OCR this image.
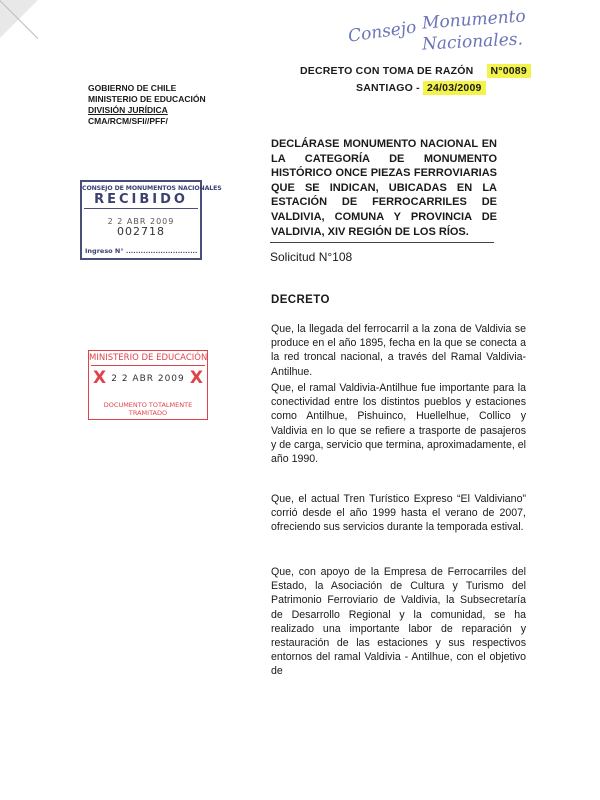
Consejo Monumento
Nacionales.
DECRETO CON TOMA DE RAZÓN N°0089
SANTIAGO - 24/03/2009
GOBIERNO DE CHILE
MINISTERIO DE EDUCACIÓN
DIVISIÓN JURÍDICA
CMA/RCM/SFI//PFF/
CONSEJO DE MONUMENTOS NACIONALES
RECIBIDO
2 2 ABR 2009
002718
Ingreso N° .............................
MINISTERIO DE EDUCACIÓN
X	X
2 2 ABR 2009
DOCUMENTO TOTALMENTE
TRAMITADO
DECLÁRASE MONUMENTO NACIONAL EN LA CATEGORÍA DE MONUMENTO HISTÓRICO ONCE PIEZAS FERROVIARIAS QUE SE INDICAN, UBICADAS EN LA ESTACIÓN DE FERROCARRILES DE VALDIVIA, COMUNA Y PROVINCIA DE VALDIVIA, XIV REGIÓN DE LOS RÍOS.
Solicitud N°108
DECRETO
Que, la llegada del ferrocarril a la zona de Valdivia se produce en el año 1895, fecha en la que se conecta a la red troncal nacional, a través del Ramal Valdivia- Antilhue.
Que, el ramal Valdivia-Antilhue fue importante para la conectividad entre los distintos pueblos y estaciones como Antilhue, Pishuinco, Huellelhue, Collico y Valdivia en lo que se refiere a trasporte de pasajeros y de carga, servicio que termina, aproximadamente, el año 1990.
Que, el actual Tren Turístico Expreso “El Valdiviano” corrió desde el año 1999 hasta el verano de 2007, ofreciendo sus servicios durante la temporada estival.
Que, con apoyo de la Empresa de Ferrocarriles del Estado, la Asociación de Cultura y Turismo del Patrimonio Ferroviario de Valdivia, la Subsecretaría de Desarrollo Regional y la comunidad, se ha realizado una importante labor de reparación y restauración de las estaciones y sus respectivos entornos del ramal Valdivia - Antilhue, con el objetivo de
